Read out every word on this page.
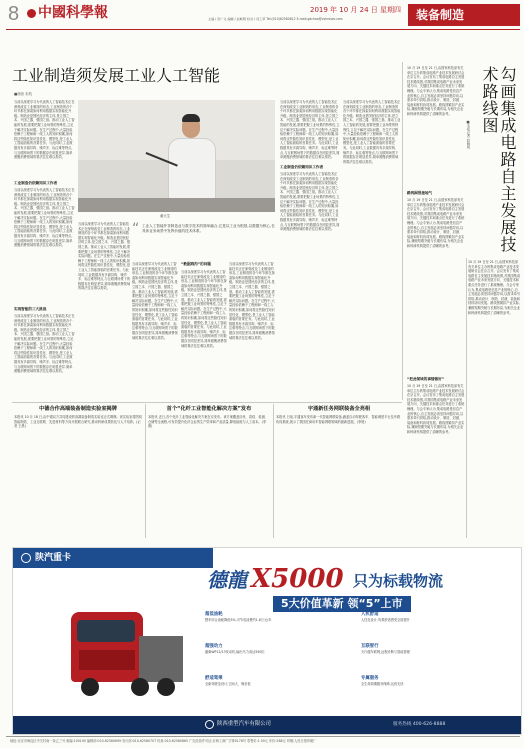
8 中國科學報	2019 年 10 月 24 日 星期四
主编 / 彭广文 编辑 / 赵畅明 校对 / 何工草 Tel:(010)62580812 E-mail:gdchao@cshnews.com	装备制造
工业制造须发展工业人工智能
■谢意 宋航
当前以深度学习为代表的人工智能技术正在深刻改变工业制造的形态,工业制造的各个环节都在探索如何利用数据实现智能化升级。制造业是国民经济的主体,是立国之本、兴国之器、强国之基。推动工业人工智能的发展,需要把握工业场景的特殊性,立足于解决实际问题。在生产过程中,大量经验依赖于工程师和一线工人的知识积累,如何将这些隐性知识显性化、模型化,是工业人工智能面临的首要任务。与此同时,工业数据具有多源异构、噪声多、标注难等特点,与互联网场景下的数据存在明显差异,简单照搬消费领域的算法往往难以奏效。
工业制造仍依赖知识工作者
当前以深度学习为代表的人工智能技术正在深刻改变工业制造的形态,工业制造的各个环节都在探索如何利用数据实现智能化升级。制造业是国民经济的主体,是立国之本、兴国之器、强国之基。推动工业人工智能的发展,需要把握工业场景的特殊性,立足于解决实际问题。在生产过程中,大量经验依赖于工程师和一线工人的知识积累,如何将这些隐性知识显性化、模型化,是工业人工智能面临的首要任务。与此同时,工业数据具有多源异构、噪声多、标注难等特点,与互联网场景下的数据存在明显差异,简单照搬消费领域的算法往往难以奏效。
实现智能的三大挑战
当前以深度学习为代表的人工智能技术正在深刻改变工业制造的形态,工业制造的各个环节都在探索如何利用数据实现智能化升级。制造业是国民经济的主体,是立国之本、兴国之器、强国之基。推动工业人工智能的发展,需要把握工业场景的特殊性,立足于解决实际问题。在生产过程中,大量经验依赖于工程师和一线工人的知识积累,如何将这些隐性知识显性化、模型化,是工业人工智能面临的首要任务。与此同时,工业数据具有多源异构、噪声多、标注难等特点,与互联网场景下的数据存在明显差异,简单照搬消费领域的算法往往难以奏效。
童大生
“ 工业人工智能并非制造业与数字技术的简单融合,它是以工业为根基,以数据为核心,在具体业务场景中发挥价值的技术体系。
当前以深度学习为代表的人工智能技术正在深刻改变工业制造的形态,工业制造的各个环节都在探索如何利用数据实现智能化升级。制造业是国民经济的主体,是立国之本、兴国之器、强国之基。推动工业人工智能的发展,需要把握工业场景的特殊性,立足于解决实际问题。在生产过程中,大量经验依赖于工程师和一线工人的知识积累,如何将这些隐性知识显性化、模型化,是工业人工智能面临的首要任务。与此同时,工业数据具有多源异构、噪声多、标注难等特点,与互联网场景下的数据存在明显差异,简单照搬消费领域的算法往往难以奏效。
当前以深度学习为代表的人工智能技术正在深刻改变工业制造的形态,工业制造的各个环节都在探索如何利用数据实现智能化升级。制造业是国民经济的主体,是立国之本、兴国之器、强国之基。推动工业人工智能的发展,需要把握工业场景的特殊性,立足于解决实际问题。在生产过程中,大量经验依赖于工程师和一线工人的知识积累,如何将这些隐性知识显性化、模型化,是工业人工智能面临的首要任务。与此同时,工业数据具有多源异构、噪声多、标注难等特点,与互联网场景下的数据存在明显差异,简单照搬消费领域的算法往往难以奏效。
“数据鸿沟”的问题
当前以深度学习为代表的人工智能技术正在深刻改变工业制造的形态,工业制造的各个环节都在探索如何利用数据实现智能化升级。制造业是国民经济的主体,是立国之本、兴国之器、强国之基。推动工业人工智能的发展,需要把握工业场景的特殊性,立足于解决实际问题。在生产过程中,大量经验依赖于工程师和一线工人的知识积累,如何将这些隐性知识显性化、模型化,是工业人工智能面临的首要任务。与此同时,工业数据具有多源异构、噪声多、标注难等特点,与互联网场景下的数据存在明显差异,简单照搬消费领域的算法往往难以奏效。
当前以深度学习为代表的人工智能技术正在深刻改变工业制造的形态,工业制造的各个环节都在探索如何利用数据实现智能化升级。制造业是国民经济的主体,是立国之本、兴国之器、强国之基。推动工业人工智能的发展,需要把握工业场景的特殊性,立足于解决实际问题。在生产过程中,大量经验依赖于工程师和一线工人的知识积累,如何将这些隐性知识显性化、模型化,是工业人工智能面临的首要任务。与此同时,工业数据具有多源异构、噪声多、标注难等特点,与互联网场景下的数据存在明显差异,简单照搬消费领域的算法往往难以奏效。
当前以深度学习为代表的人工智能技术正在深刻改变工业制造的形态,工业制造的各个环节都在探索如何利用数据实现智能化升级。制造业是国民经济的主体,是立国之本、兴国之器、强国之基。推动工业人工智能的发展,需要把握工业场景的特殊性,立足于解决实际问题。在生产过程中,大量经验依赖于工程师和一线工人的知识积累,如何将这些隐性知识显性化、模型化,是工业人工智能面临的首要任务。与此同时,工业数据具有多源异构、噪声多、标注难等特点,与互联网场景下的数据存在明显差异,简单照搬消费领域的算法往往难以奏效。
工业制造仍依赖知识工作者
当前以深度学习为代表的人工智能技术正在深刻改变工业制造的形态,工业制造的各个环节都在探索如何利用数据实现智能化升级。制造业是国民经济的主体,是立国之本、兴国之器、强国之基。推动工业人工智能的发展,需要把握工业场景的特殊性,立足于解决实际问题。在生产过程中,大量经验依赖于工程师和一线工人的知识积累,如何将这些隐性知识显性化、模型化,是工业人工智能面临的首要任务。与此同时,工业数据具有多源异构、噪声多、标注难等特点,与互联网场景下的数据存在明显差异,简单照搬消费领域的算法往往难以奏效。
当前以深度学习为代表的人工智能技术正在深刻改变工业制造的形态,工业制造的各个环节都在探索如何利用数据实现智能化升级。制造业是国民经济的主体,是立国之本、兴国之器、强国之基。推动工业人工智能的发展,需要把握工业场景的特殊性,立足于解决实际问题。在生产过程中,大量经验依赖于工程师和一线工人的知识积累,如何将这些隐性知识显性化、模型化,是工业人工智能面临的首要任务。与此同时,工业数据具有多源异构、噪声多、标注难等特点,与互联网场景下的数据存在明显差异,简单照搬消费领域的算法往往难以奏效。	勾画集成电路自主发展技术路线图
■本报记者 赵畅明
10 月 19 日至 21 日,由国家科技部有关单位主办的集成电路产业技术发展研讨会在京召开。会议发布了集成电路自主发展技术路线图,对我国集成电路产业未来发展方向、关键技术和重点任务进行了系统梳理。与会专家认为,集成电路是信息产业的核心,自主发展必须坚持问题导向,以需求牵引供给,推动设计、制造、封测、装备和材料协同发展。路线图紧扣产业实际,兼顾短期突破与长期布局,为相关企业和科研机构提供了清晰的参考。
路线图很接地气
10 月 19 日至 21 日,由国家科技部有关单位主办的集成电路产业技术发展研讨会在京召开。会议发布了集成电路自主发展技术路线图,对我国集成电路产业未来发展方向、关键技术和重点任务进行了系统梳理。与会专家认为,集成电路是信息产业的核心,自主发展必须坚持问题导向,以需求牵引供给,推动设计、制造、封测、装备和材料协同发展。路线图紧扣产业实际,兼顾短期突破与长期布局,为相关企业和科研机构提供了清晰的参考。
“把此领域的事情做好”
10 月 19 日至 21 日,由国家科技部有关单位主办的集成电路产业技术发展研讨会在京召开。会议发布了集成电路自主发展技术路线图,对我国集成电路产业未来发展方向、关键技术和重点任务进行了系统梳理。与会专家认为,集成电路是信息产业的核心,自主发展必须坚持问题导向,以需求牵引供给,推动设计、制造、封测、装备和材料协同发展。路线图紧扣产业实际,兼顾短期突破与长期布局,为相关企业和科研机构提供了清晰的参考。
10 月 19 日至 21 日,由国家科技部有关单位主办的集成电路产业技术发展研讨会在京召开。会议发布了集成电路自主发展技术路线图,对我国集成电路产业未来发展方向、关键技术和重点任务进行了系统梳理。与会专家认为,集成电路是信息产业的核心,自主发展必须坚持问题导向,以需求牵引供给,推动设计、制造、封测、装备和材料协同发展。路线图紧扣产业实际,兼顾短期突破与长期布局,为相关企业和科研机构提供了清晰的参考。
中德合作高端装备制造实验室揭牌
本报讯 10 月 18 日,由中德双方共同建设的高端装备制造实验室正式揭牌。该实验室将围绕智能制造、工业互联网、先进材料等方向开展联合研究,推动科研成果转化与人才培养。(记者 王晨)
首个“化纤工业智能化解决方案”发布
本报讯 近日,首个化纤工业智能化解决方案在京发布。该方案覆盖纺丝、卷绕、检测、仓储等全流程,可有效提升化纤企业的生产效率和产品质量,降低能耗与人工成本。(李惠)
宇通新任务网联装备全亮相
本报讯 日前,宇通客车发布新一代智能网联装备,涵盖自动驾驶客车、智能调度平台及车路协同系统,展示了我国在商用车智能网联领域的最新进展。(李晨)
陕汽重卡
德龍 X5000 只为标载物流
5大价值革新 领“5”上市
超低油耗
整车综合油耗降低5%,可节省油费约1.6万元/年
超强动力
潍柴WP12/13发动机,输出马力高达550匹
舒适驾乘
全新驾驶室设计,空间大、噪音低
人机舒适
人性化设计,驾乘舒适感受全面提升
互联智行
天行健车联网,远程诊断与智能管理
专属服务
全生命周期服务保障,运营无忧
陕西重型汽车有限公司	服务热线 400-626-8888
地址:北京市海淀区中关村南一条乙三号 邮编:100190 编辑部:010-62580699 发行部:010-62580707 传真:010-62580865 广告经营许可证:京海工商广字第0178号 零售价:1.50元 年价:288元 印刷:人民日报印刷厂
